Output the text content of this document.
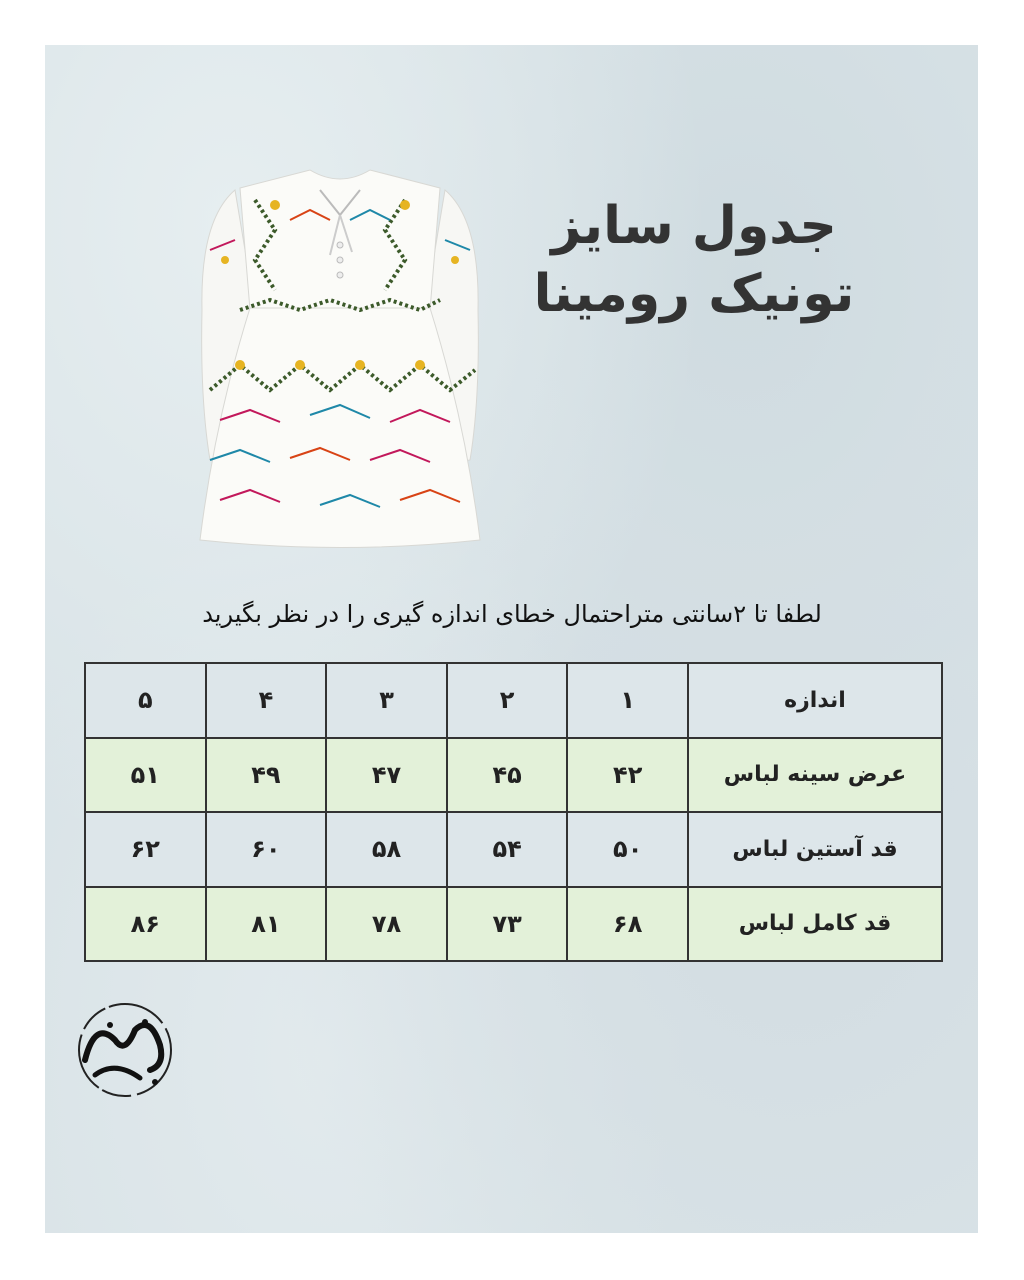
جدول سایز
تونیک رومینا
لطفا تا ۲سانتی متراحتمال خطای اندازه گیری را در نظر بگیرید
اندازه	۱	۲	۳	۴	۵
عرض سینه لباس	۴۲	۴۵	۴۷	۴۹	۵۱
قد آستین لباس	۵۰	۵۴	۵۸	۶۰	۶۲
قد کامل لباس	۶۸	۷۳	۷۸	۸۱	۸۶
